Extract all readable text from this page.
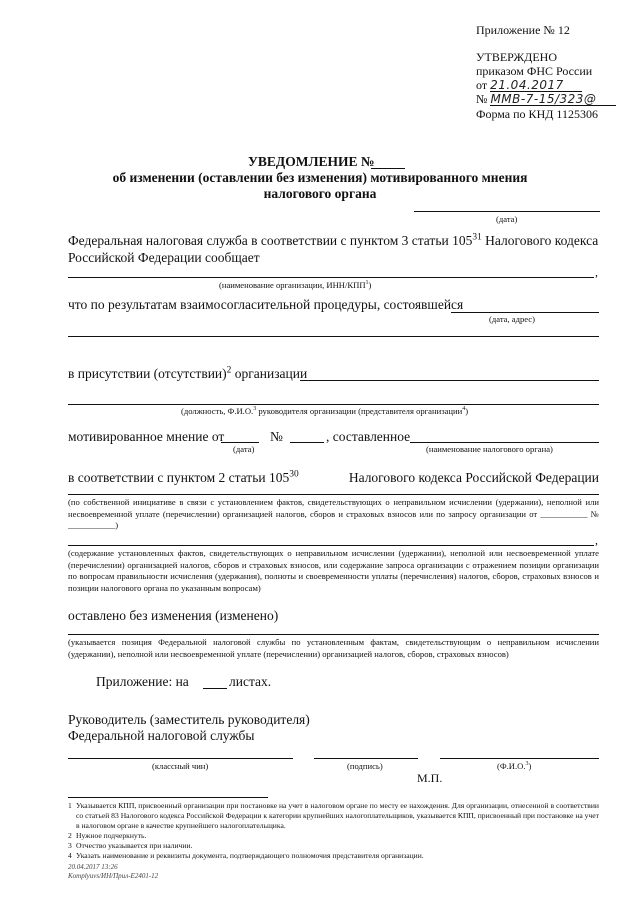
Приложение № 12
УТВЕРЖДЕНО
приказом ФНС России
от 21.04.2017
№ ММВ-7-15/323@
Форма по КНД 1125306
УВЕДОМЛЕНИЕ №
об изменении (оставлении без изменения) мотивированного мнения
налогового органа
(дата)
Федеральная налоговая служба в соответствии с пунктом 3 статьи $105^{31}$ Налогового кодекса
Российской Федерации сообщает
,
(наименование организации, ИНН/КПП$^1$)
что по результатам взаимосогласительной процедуры, состоявшейся
(дата, адрес)
в присутствии (отсутствии)$^2$ организации
(должность, Ф.И.О.$^3$ руководителя организации (представителя организации$^4$)
мотивированное мнение от	№	, составленное
(дата)	(наименование налогового органа)
в соответствии с пунктом 2 статьи $105^{30}$	Налогового кодекса Российской Федерации
(по собственной инициативе в связи с установлением фактов, свидетельствующих о неправильном исчислении (удержании), неполной или несвоевременной уплате (перечислении) организацией налогов, сборов и страховых взносов или по запросу организации от ___________ № ___________)
,
(содержание установленных фактов, свидетельствующих о неправильном исчислении (удержании), неполной или несвоевременной уплате (перечислении) организацией налогов, сборов и страховых взносов, или содержание запроса организации с отражением позиции организации по вопросам правильности исчисления (удержания), полноты и своевременности уплаты (перечисления) налогов, сборов, страховых взносов и позиции налогового органа по указанным вопросам)
оставлено без изменения (изменено)
(указывается позиция Федеральной налоговой службы по установленным фактам, свидетельствующим о неправильном исчислении (удержании), неполной или несвоевременной уплате (перечислении) организацией налогов, сборов, страховых взносов)
Приложение: на	листах.
Руководитель (заместитель руководителя)
Федеральной налоговой службы
(классный чин)	(подпись)	(Ф.И.О.$^3$)
М.П.
1 Указывается КПП, присвоенный организации при постановке на учет в налоговом органе по месту ее нахождения. Для организации, отнесенной в соответствии со статьей 83 Налогового кодекса Российской Федерации к категории крупнейших налогоплательщиков, указывается КПП, присвоенный при постановке на учет в налоговом органе в качестве крупнейшего налогоплательщика.
2 Нужное подчеркнуть.
3 Отчество указывается при наличии.
4 Указать наименование и реквизиты документа, подтверждающего полномочия представителя организации.
20.04.2017 13:26
Komplyuvs/ИН/Прил-Е2401-12
